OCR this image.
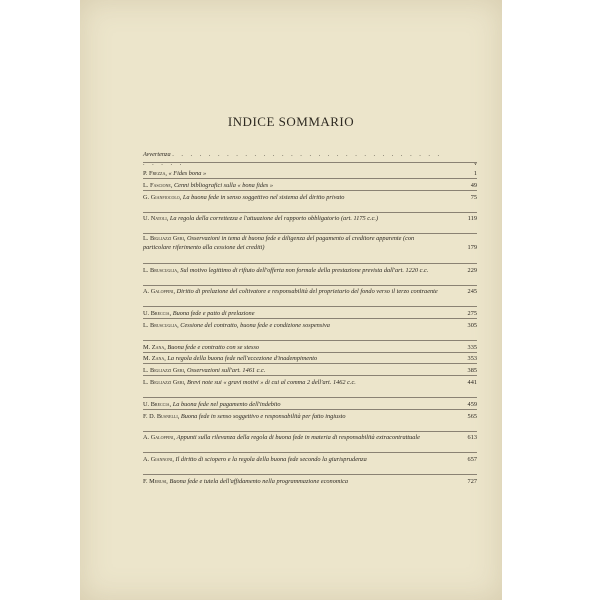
INDICE SOMMARIO
Avvertenza . . . . . . . . . . . . . . . . . . . . . . . . . . . . . . . . . . .	v
P. Frezza, « Fides bona »	1
L. Fascione, Cenni bibliografici sulla « bona fides »	49
G. Gianfiocolo, La buona fede in senso soggettivo nel sistema del diritto privato	75
U. Natoli, La regola della correttezza e l'attuazione del rapporto obbligatorio (art. 1175 c.c.)	119
L. Bigliazzi Geri, Osservazioni in tema di buona fede e diligenza del pagamento al creditore apparente (con particolare riferimento alla cessione dei crediti)	179
L. Bruscuglia, Sul motivo legittimo di rifiuto dell'offerta non formale della prestazione prevista dall'art. 1220 c.c.	229
A. Galoppini, Diritto di prelazione del coltivatore e responsabilità del proprietario del fondo verso il terzo contraente	245
U. Breccia, Buona fede e patto di prelazione	275
L. Bruscuglia, Cessione del contratto, buona fede e condizione sospensiva	305
M. Zana, Buona fede e contratto con se stesso	335
M. Zana, La regola della buona fede nell'eccezione d'inadempimento	353
L. Bigliazzi Geri, Osservazioni sull'art. 1461 c.c.	385
L. Bigliazzi Geri, Brevi note sui « gravi motivi » di cui al comma 2 dell'art. 1462 c.c.	441
U. Breccia, La buona fede nel pagamento dell'indebito	459
F. D. Busnelli, Buona fede in senso soggettivo e responsabilità per fatto ingiusto	565
A. Galoppini, Appunti sulla rilevanza della regola di buona fede in materia di responsabilità extracontrattuale	613
A. Giannoni, Il diritto di sciopero e la regola della buona fede secondo la giurisprudenza	657
F. Merusi, Buona fede e tutela dell'affidamento nella programmazione economica	727
